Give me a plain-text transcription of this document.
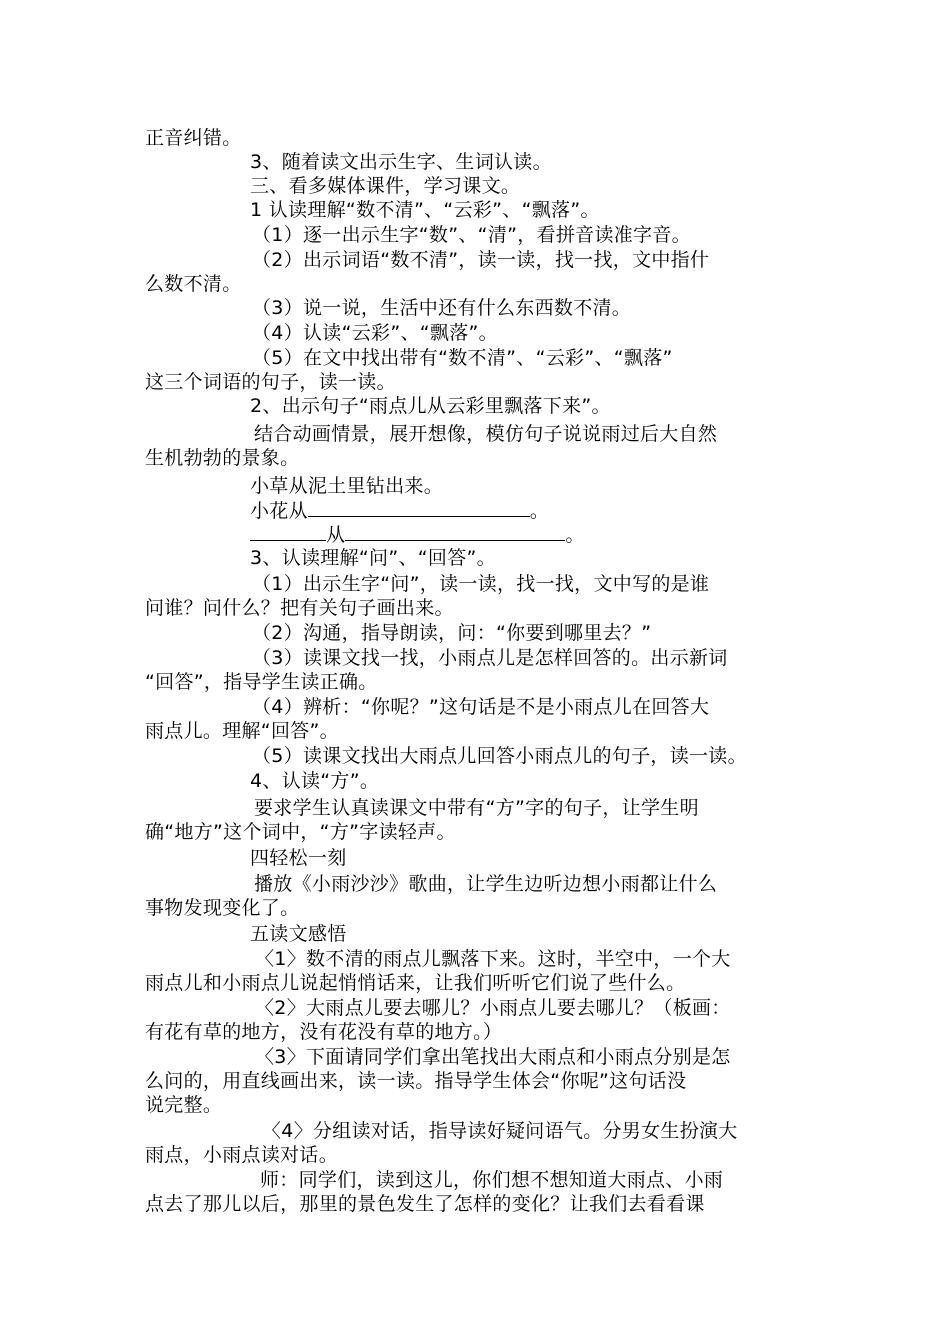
正音纠错。
3、随着读文出示生字、生词认读。
三、看多媒体课件，学习课文。
1 认读理解“数不清”、“云彩”、“飘落”。
（1）逐一出示生字“数”、“清”，看拼音读准字音。
（2）出示词语“数不清”，读一读，找一找，文中指什
么数不清。
（3）说一说，生活中还有什么东西数不清。
（4）认读“云彩”、“飘落”。
（5）在文中找出带有“数不清”、“云彩”、“飘落”
这三个词语的句子，读一读。
2、出示句子“雨点儿从云彩里飘落下来”。
结合动画情景，展开想像，模仿句子说说雨过后大自然
生机勃勃的景象。
小草从泥土里钻出来。
小花从	。
从	。
3、认读理解“问”、“回答”。
（1）出示生字“问”，读一读，找一找，文中写的是谁
问谁？问什么？把有关句子画出来。
（2）沟通，指导朗读，问：“你要到哪里去？”
（3）读课文找一找，小雨点儿是怎样回答的。出示新词
“回答”，指导学生读正确。
（4）辨析：“你呢？”这句话是不是小雨点儿在回答大
雨点儿。理解“回答”。
（5）读课文找出大雨点儿回答小雨点儿的句子，读一读。
4、认读“方”。
要求学生认真读课文中带有“方”字的句子，让学生明
确“地方”这个词中，“方”字读轻声。
四轻松一刻
播放《小雨沙沙》歌曲，让学生边听边想小雨都让什么
事物发现变化了。
五读文感悟
〈1〉数不清的雨点儿飘落下来。这时，半空中，一个大
雨点儿和小雨点儿说起悄悄话来，让我们听听它们说了些什么。
〈2〉大雨点儿要去哪儿？小雨点儿要去哪儿？（板画：
有花有草的地方，没有花没有草的地方。）
〈3〉下面请同学们拿出笔找出大雨点和小雨点分别是怎
么问的，用直线画出来，读一读。指导学生体会“你呢”这句话没
说完整。
〈4〉分组读对话，指导读好疑问语气。分男女生扮演大
雨点，小雨点读对话。
师：同学们，读到这儿，你们想不想知道大雨点、小雨
点去了那儿以后，那里的景色发生了怎样的变化？让我们去看看课
